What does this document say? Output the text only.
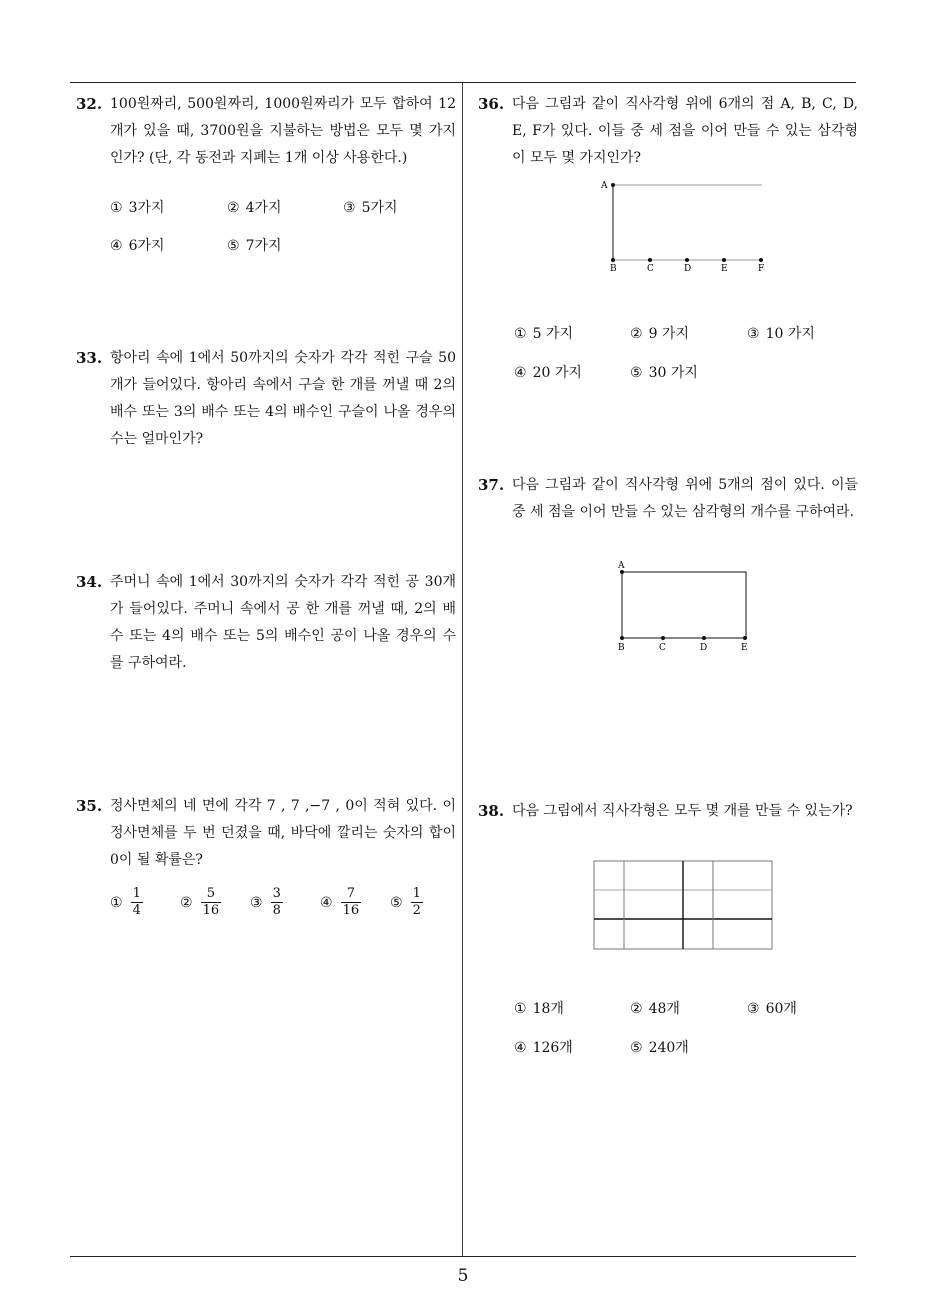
32. 100원짜리, 500원짜리, 1000원짜리가 모두 합하여 12개가 있을 때, 3700원을 지불하는 방법은 모두 몇 가지인가? (단, 각 동전과 지폐는 1개 이상 사용한다.)
① 3가지	② 4가지	③ 5가지
④ 6가지	⑤ 7가지
33. 항아리 속에 1에서 50까지의 숫자가 각각 적힌 구슬 50개가 들어있다. 항아리 속에서 구슬 한 개를 꺼낼 때 2의 배수 또는 3의 배수 또는 4의 배수인 구슬이 나올 경우의 수는 얼마인가?
34. 주머니 속에 1에서 30까지의 숫자가 각각 적힌 공 30개가 들어있다. 주머니 속에서 공 한 개를 꺼낼 때, 2의 배수 또는 4의 배수 또는 5의 배수인 공이 나올 경우의 수를 구하여라.
35. 정사면체의 네 면에 각각 7 , 7 ,−7 , 0이 적혀 있다. 이 정사면체를 두 번 던졌을 때, 바닥에 깔리는 숫자의 합이 0이 될 확률은?
① $\frac{1}{4}$	② $\frac{5}{16}$ ③ $\frac{3}{8}$	④ $\frac{7}{16}$ ⑤ $\frac{1}{2}$
36. 다음 그림과 같이 직사각형 위에 6개의 점 A, B, C, D, E, F가 있다. 이들 중 세 점을 이어 만들 수 있는 삼각형이 모두 몇 가지인가?
A
B	C	D	E	F
① 5 가지	② 9 가지	③ 10 가지
④ 20 가지	⑤ 30 가지
37. 다음 그림과 같이 직사각형 위에 5개의 점이 있다. 이들 중 세 점을 이어 만들 수 있는 삼각형의 개수를 구하여라.
A
B	C	D	E
38. 다음 그림에서 직사각형은 모두 몇 개를 만들 수 있는가?
① 18개	② 48개	③ 60개
④ 126개	⑤ 240개
5
